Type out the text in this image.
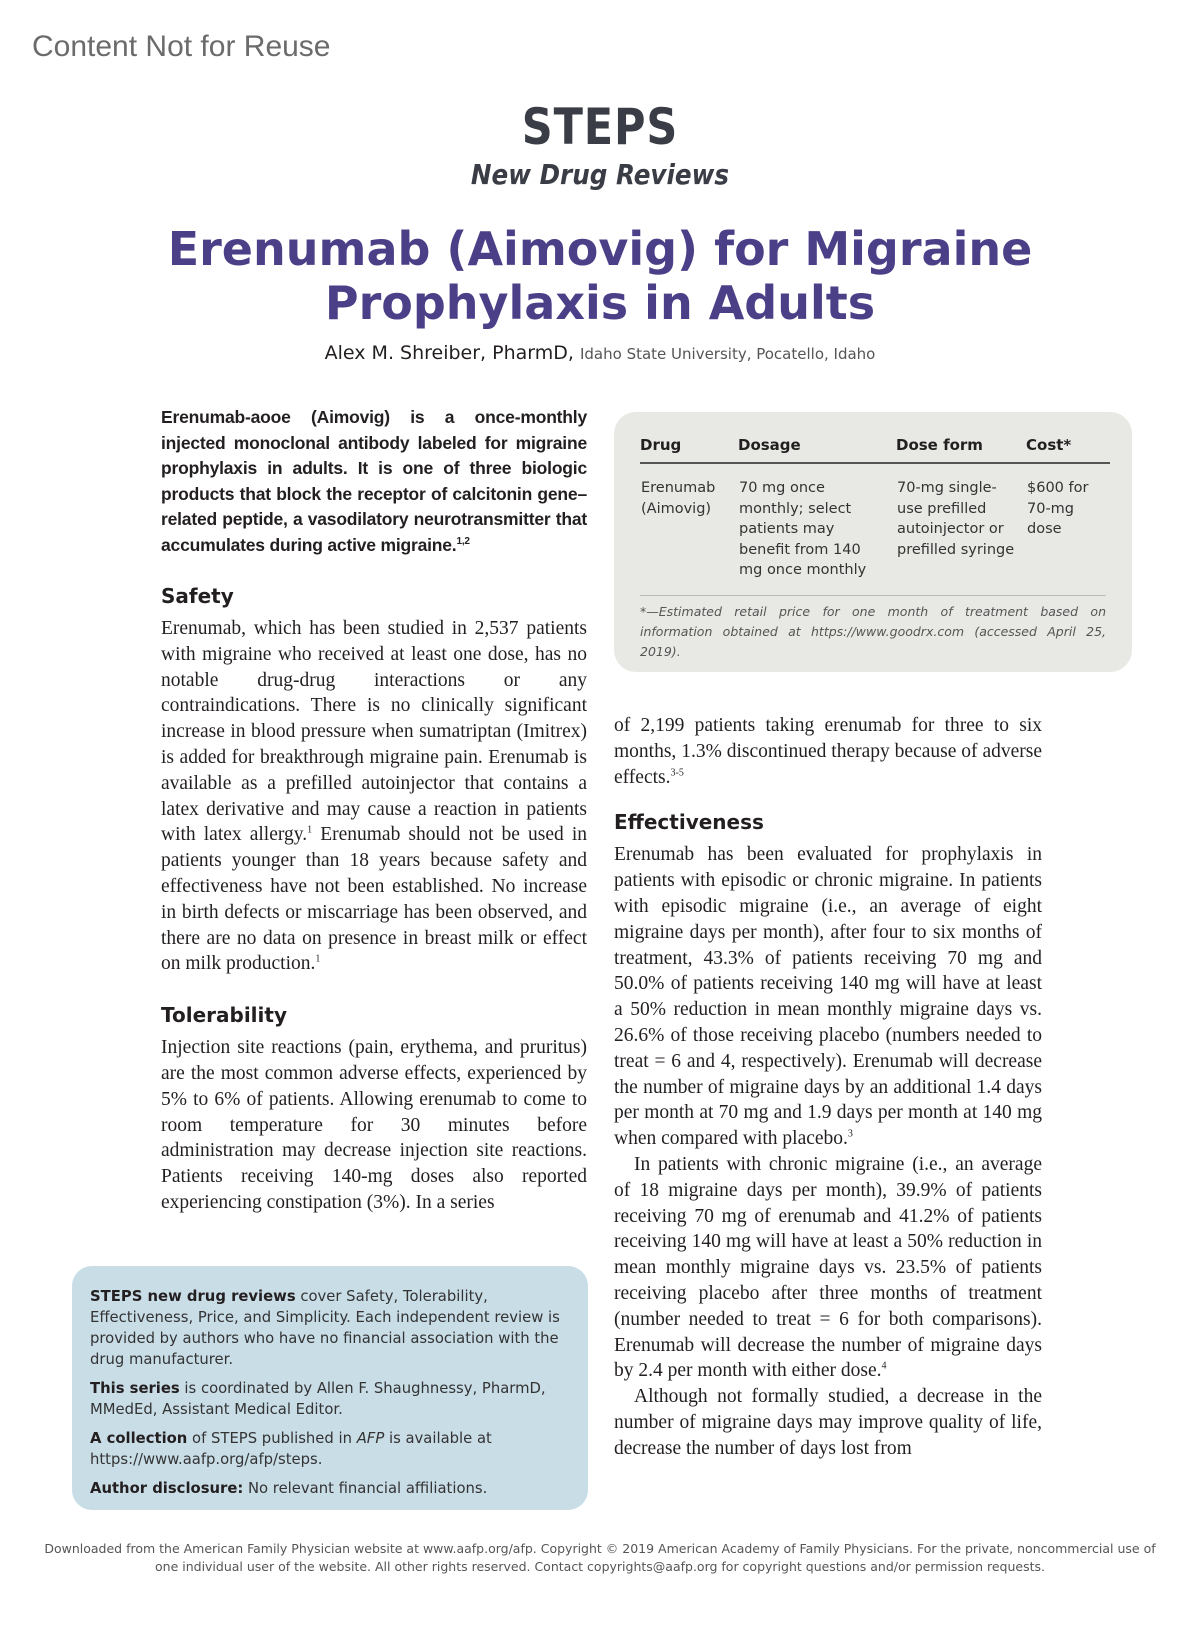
Content Not for Reuse
STEPS
New Drug Reviews
Erenumab (Aimovig) for Migraine Prophylaxis in Adults
Alex M. Shreiber, PharmD, Idaho State University, Pocatello, Idaho

Erenumab-aooe (Aimovig) is a once-monthly injected monoclonal antibody labeled for migraine prophylaxis in adults. It is one of three biologic products that block the receptor of calcitonin gene–related peptide, a vasodilatory neurotransmitter that accumulates during active migraine.$^{1,2}$

Safety

Erenumab, which has been studied in 2,537 patients with migraine who received at least one dose, has no notable drug-drug interactions or any contraindications. There is no clinically significant increase in blood pressure when sumatriptan (Imitrex) is added for breakthrough migraine pain. Erenumab is available as a prefilled autoinjector that contains a latex derivative and may cause a reaction in patients with latex allergy.$^1$ Erenumab should not be used in patients younger than 18 years because safety and effectiveness have not been established. No increase in birth defects or miscarriage has been observed, and there are no data on presence in breast milk or effect on milk production.$^1$

Tolerability

Injection site reactions (pain, erythema, and pruritus) are the most common adverse effects, experienced by 5% to 6% of patients. Allowing erenumab to come to room temperature for 30 minutes before administration may decrease injection site reactions. Patients receiving 140-mg doses also reported experiencing constipation (3%). In a series

Drug	Dosage	Dose form	Cost*
Erenumab (Aimovig)	70 mg once monthly; select patients may benefit from 140 mg once monthly	70-mg single-use prefilled autoinjector or prefilled syringe	$600 for 70-mg dose
*—Estimated retail price for one month of treatment based on information obtained at https://www.goodrx.com (accessed April 25, 2019).

of 2,199 patients taking erenumab for three to six months, 1.3% discontinued therapy because of adverse effects.$^{3-5}$

Effectiveness

Erenumab has been evaluated for prophylaxis in patients with episodic or chronic migraine. In patients with episodic migraine (i.e., an average of eight migraine days per month), after four to six months of treatment, 43.3% of patients receiving 70 mg and 50.0% of patients receiving 140 mg will have at least a 50% reduction in mean monthly migraine days vs. 26.6% of those receiving placebo (numbers needed to treat = 6 and 4, respectively). Erenumab will decrease the number of migraine days by an additional 1.4 days per month at 70 mg and 1.9 days per month at 140 mg when compared with placebo.$^3$

In patients with chronic migraine (i.e., an average of 18 migraine days per month), 39.9% of patients receiving 70 mg of erenumab and 41.2% of patients receiving 140 mg will have at least a 50% reduction in mean monthly migraine days vs. 23.5% of patients receiving placebo after three months of treatment (number needed to treat = 6 for both comparisons). Erenumab will decrease the number of migraine days by 2.4 per month with either dose.$^4$

Although not formally studied, a decrease in the number of migraine days may improve quality of life, decrease the number of days lost from

STEPS new drug reviews cover Safety, Tolerability, Effectiveness, Price, and Simplicity. Each independent review is provided by authors who have no financial association with the drug manufacturer.

This series is coordinated by Allen F. Shaughnessy, PharmD, MMedEd, Assistant Medical Editor.

A collection of STEPS published in AFP is available at https://www.aafp.org/afp/steps.

Author disclosure: No relevant financial affiliations.

Downloaded from the American Family Physician website at www.aafp.org/afp. Copyright © 2019 American Academy of Family Physicians. For the private, noncommercial use of one individual user of the website. All other rights reserved. Contact copyrights@aafp.org for copyright questions and/or permission requests.
